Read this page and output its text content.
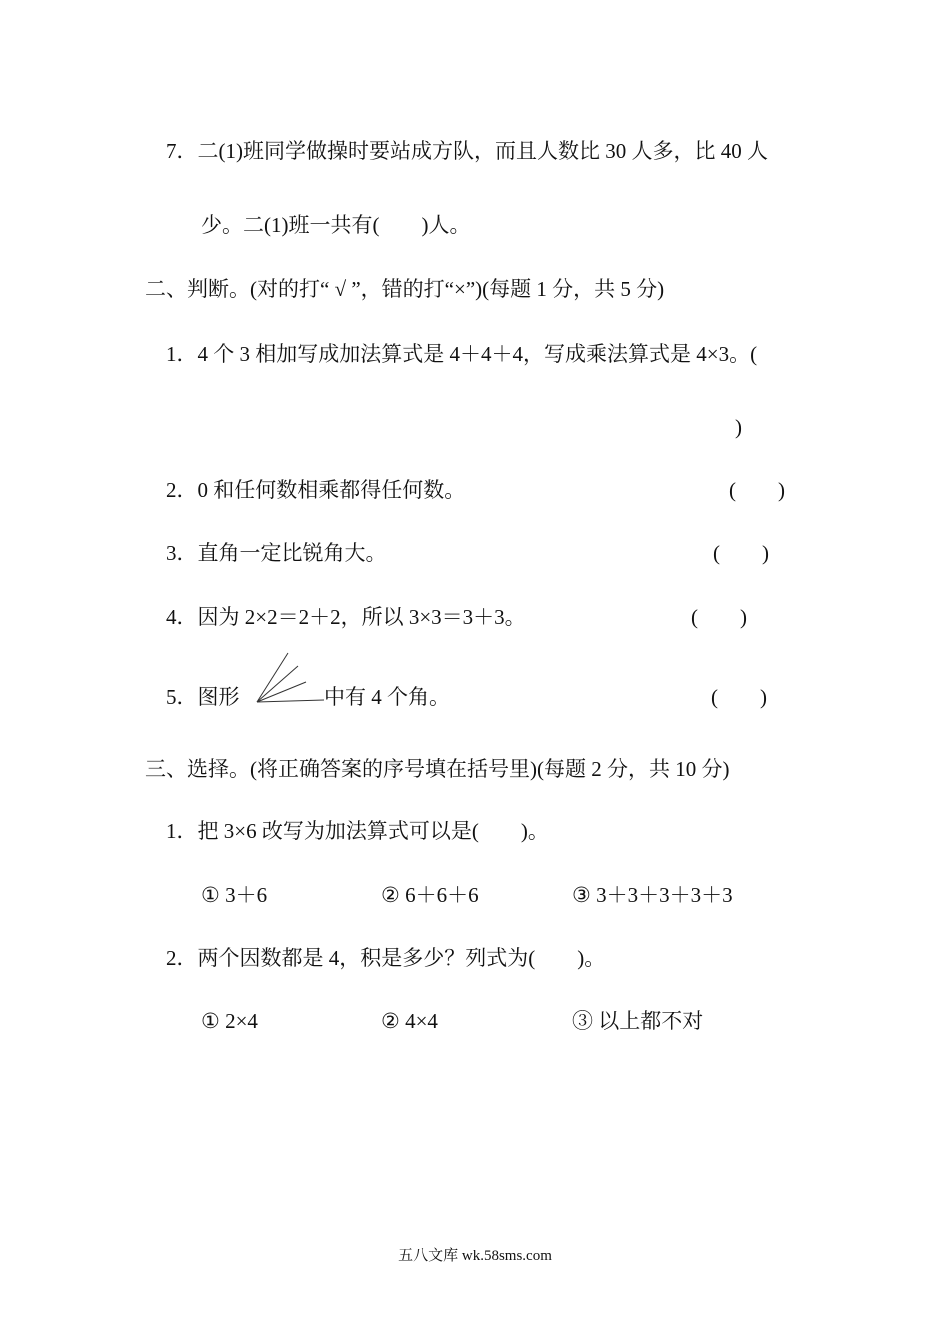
7．二(1)班同学做操时要站成方队，而且人数比 30 人多，比 40 人
少。二(1)班一共有(　　)人。
二、判断。(对的打“ √ ”，错的打“×”)(每题 1 分，共 5 分)
1．4 个 3 相加写成加法算式是 4＋4＋4，写成乘法算式是 4×3。(
)
2．0 和任何数相乘都得任何数。	(　　)
3．直角一定比锐角大。	(　　)
4．因为 2×2＝2＋2，所以 3×3＝3＋3。	(　　)
5．图形	中有 4 个角。	(　　)
三、选择。(将正确答案的序号填在括号里)(每题 2 分，共 10 分)
1．把 3×6 改写为加法算式可以是(　　)。
① 3＋6	② 6＋6＋6	③ 3＋3＋3＋3＋3
2．两个因数都是 4，积是多少？列式为(　　)。
① 2×4	② 4×4	③ 以上都不对
五八文库 wk.58sms.com
